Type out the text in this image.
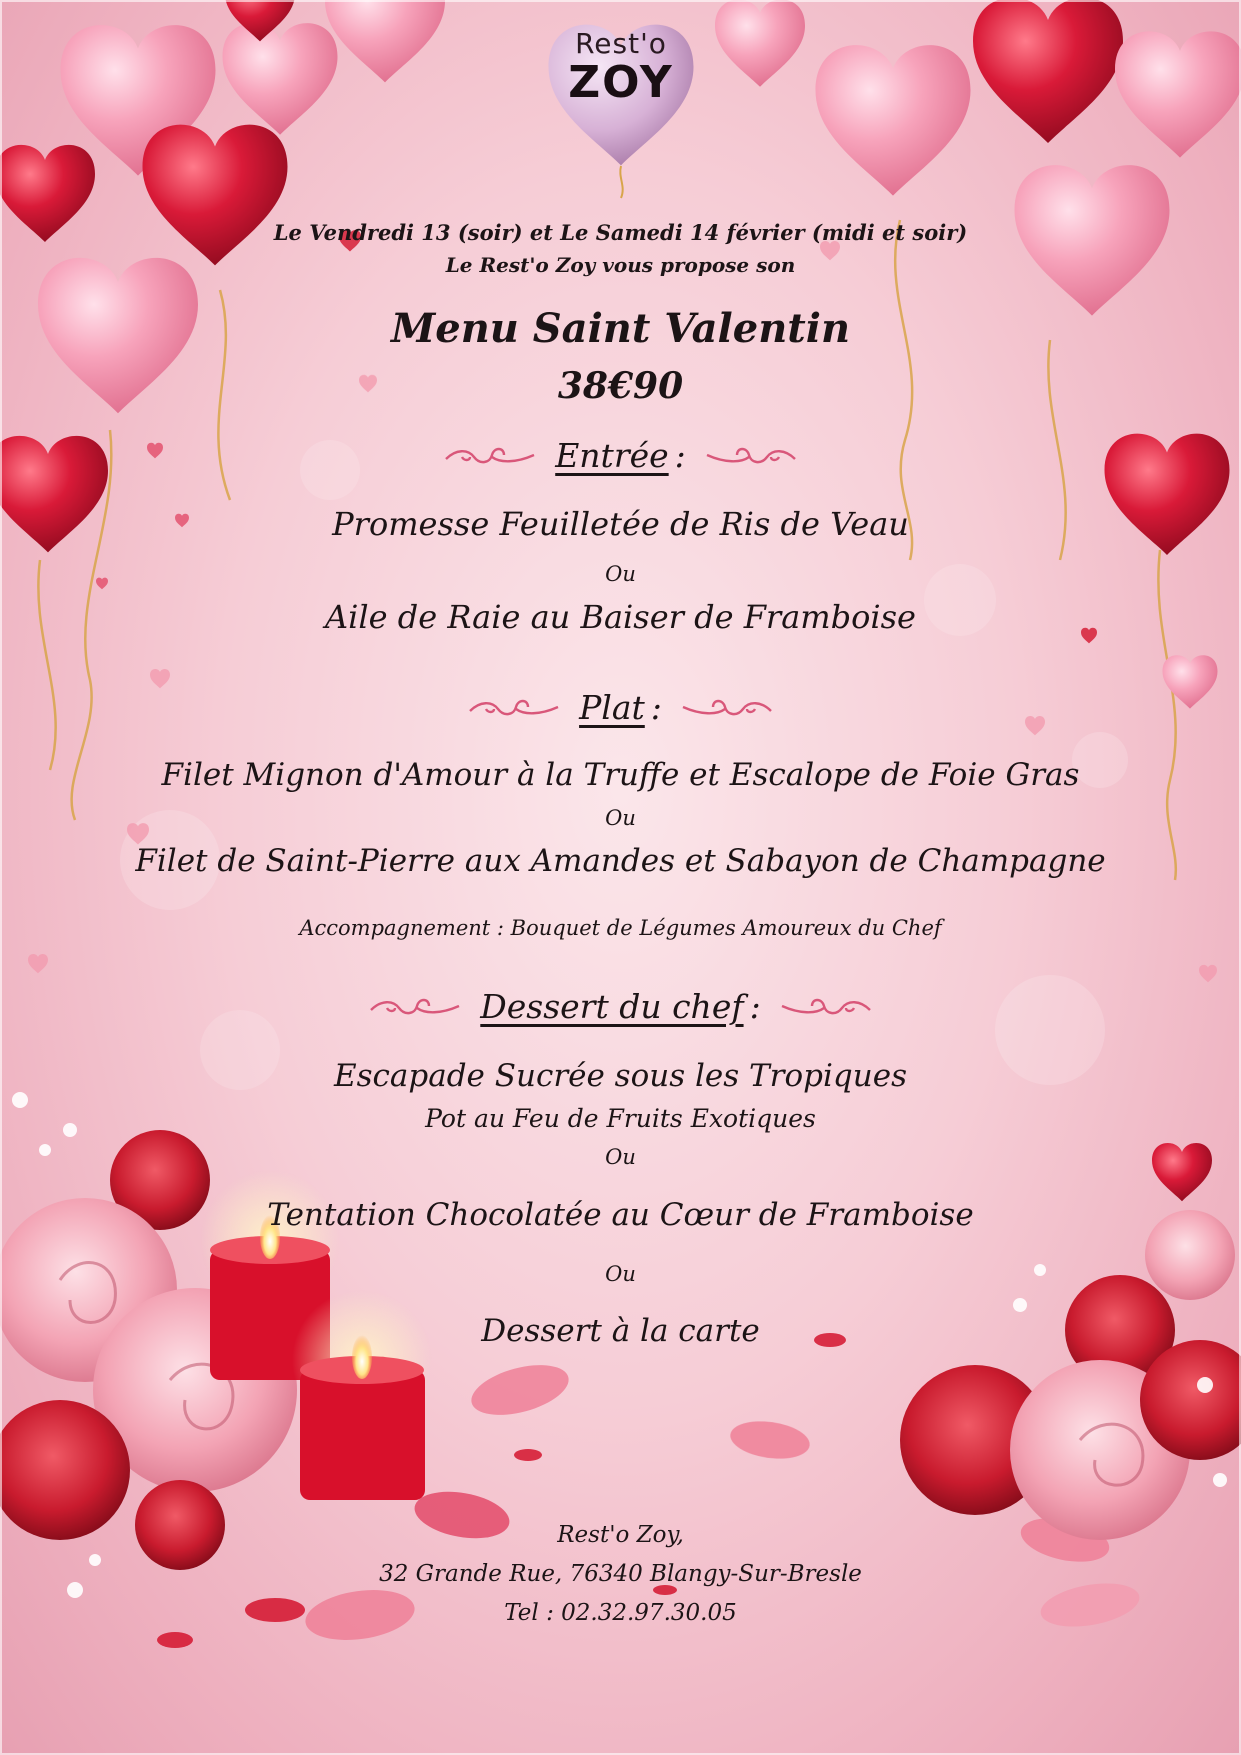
Rest'o
ZOY
Le Vendredi 13 (soir) et Le Samedi 14 février (midi et soir)
Le Rest'o Zoy vous propose son
Menu Saint Valentin
38€90
Entrée :
Promesse Feuilletée de Ris de Veau
Ou
Aile de Raie au Baiser de Framboise
Plat :
Filet Mignon d'Amour à la Truffe et Escalope de Foie Gras
Ou
Filet de Saint-Pierre aux Amandes et Sabayon de Champagne
Accompagnement : Bouquet de Légumes Amoureux du Chef
Dessert du chef :
Escapade Sucrée sous les Tropiques
Pot au Feu de Fruits Exotiques
Ou
Tentation Chocolatée au Cœur de Framboise
Ou
Dessert à la carte
Rest'o Zoy,
32 Grande Rue, 76340 Blangy-Sur-Bresle
Tel : 02.32.97.30.05
